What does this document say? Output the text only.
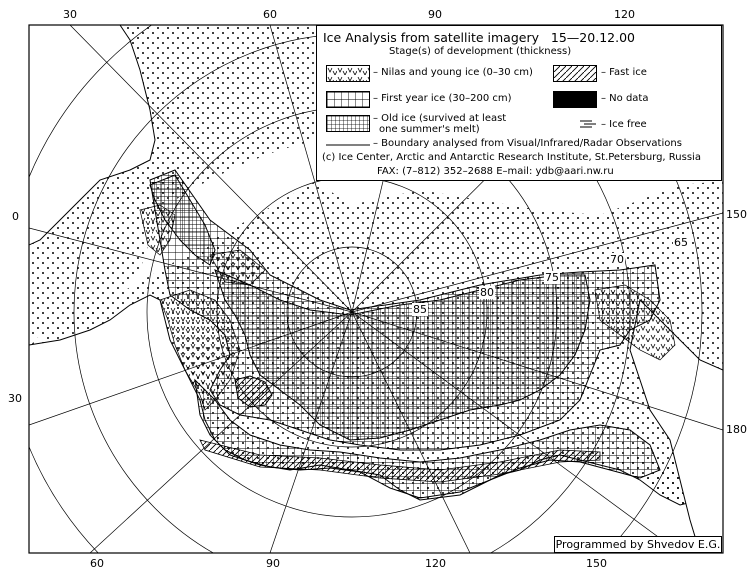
85
80
75
70
65
30	60	90	120
60	90	120	150
0
30
150
180
Ice Analysis from satellite imagery 15—20.12.00
Stage(s) of development (thickness)
– Nilas and young ice (0–30 cm)	– Fast ice
– First year ice (30–200 cm)	– No data
– Old ice (survived at least
one summer's melt)	– Ice free
– Boundary analysed from Visual/Infrared/Radar Observations
(c) Ice Center, Arctic and Antarctic Research Institute, St.Petersburg, Russia
FAX: (7–812) 352–2688 E–mail: ydb@aari.nw.ru
Programmed by Shvedov E.G.
